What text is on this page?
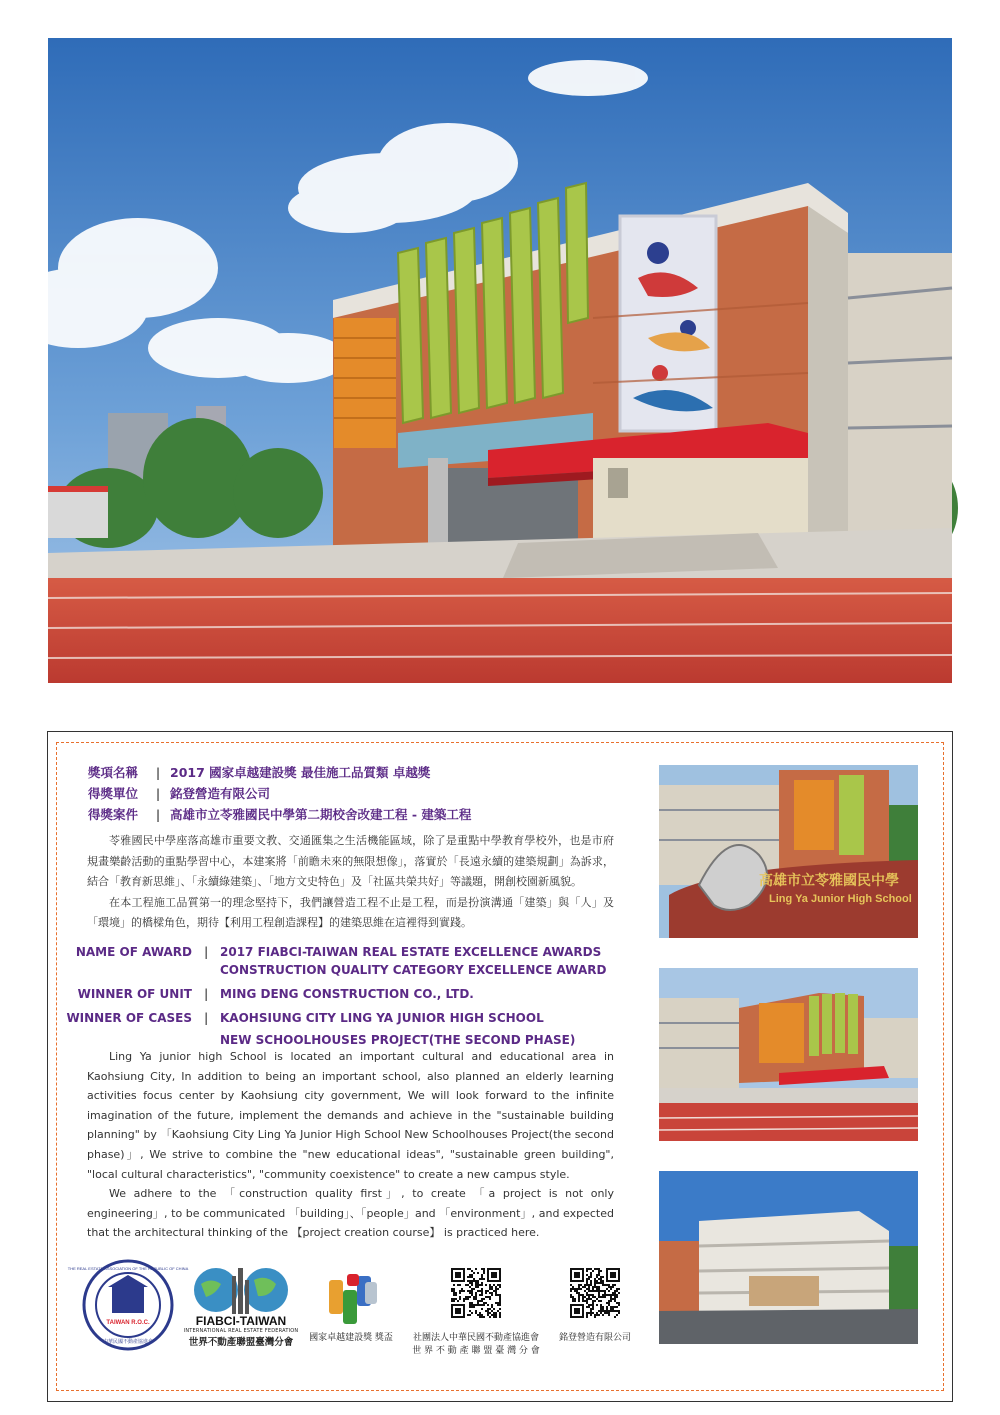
獎項名稱 | 2017 國家卓越建設獎 最佳施工品質類 卓越獎
得獎單位 | 銘登營造有限公司
得獎案件 | 高雄市立苓雅國民中學第二期校舍改建工程 - 建築工程

苓雅國民中學座落高雄市重要文教、交通匯集之生活機能區域，除了是重點中學教育學校外，也是市府規畫樂齡活動的重點學習中心，本建案將「前瞻未來的無限想像」，落實於「長遠永續的建築規劃」為訴求，結合「教育新思維」、「永續綠建築」、「地方文史特色」及「社區共榮共好」等議題，開創校園新風貌。

在本工程施工品質第一的理念堅持下，我們讓營造工程不止是工程，而是扮演溝通「建築」與「人」及「環境」的橋樑角色，期待【利用工程創造課程】的建築思維在這裡得到實踐。

NAME OF AWARD | 2017 FIABCI-TAIWAN REAL ESTATE EXCELLENCE AWARDS
CONSTRUCTION QUALITY CATEGORY EXCELLENCE AWARD
WINNER OF UNIT | MING DENG CONSTRUCTION CO., LTD.
WINNER OF CASES | KAOHSIUNG CITY LING YA JUNIOR HIGH SCHOOL
NEW SCHOOLHOUSES PROJECT(THE SECOND PHASE)

Ling Ya junior high School is located an important cultural and educational area in Kaohsiung City, In addition to being an important school, also planned an elderly learning activities focus center by Kaohsiung city government, We will look forward to the infinite imagination of the future, implement the demands and achieve in the "sustainable building planning" by 「Kaohsiung City Ling Ya Junior High School New Schoolhouses Project(the second phase)」, We strive to combine the "new educational ideas", "sustainable green building", "local cultural characteristics", "community coexistence" to create a new campus style.

We adhere to the 「construction quality first」, to create 「a project is not only engineering」, to be communicated 「building」、「people」and 「environment」, and expected that the architectural thinking of the 【project creation course】 is practiced here.

高雄市立苓雅國民中學
Ling Ya Junior High School
TAIWAN R.O.C.
THE REAL ESTATE ASSOCIATION OF THE REPUBLIC OF CHINA
中華民國不動產協進會
FIABCI-TAIWAN
INTERNATIONAL REAL ESTATE FEDERATION
世界不動產聯盟臺灣分會	國家卓越建設獎 獎盃	社團法人中華民國不動產協進會
世 界 不 動 產 聯 盟 臺 灣 分 會
銘登營造有限公司
